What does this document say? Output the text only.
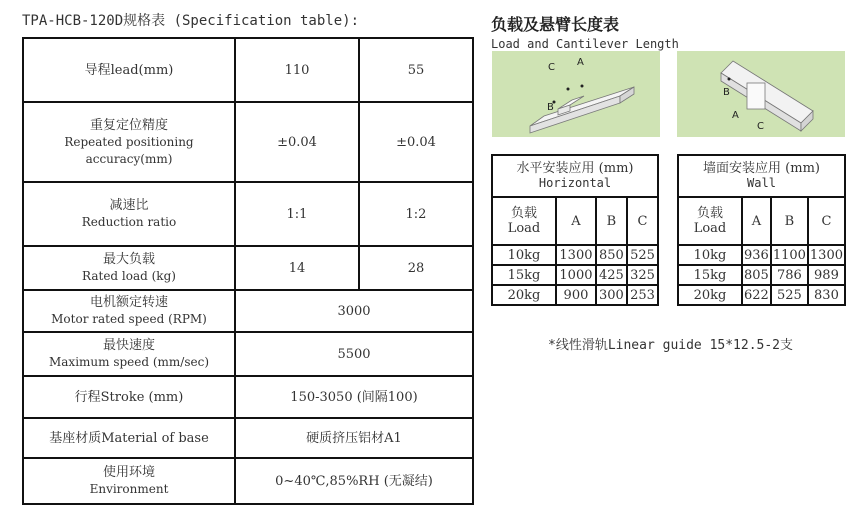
TPA-HCB-120D规格表 (Specification table):
导程lead(mm)	110	55

重复定位精度
Repeated positioning accuracy(mm)	±0.04	±0.04

减速比
Reduction ratio	1:1	1:2

最大负载
Rated load (kg)	14	28

电机额定转速
Motor rated speed (RPM)	3000	

最快速度
Maximum speed (mm/sec)	5500	
行程Stroke (mm)	150-3050 (间隔100)	
基座材质Material of base	硬质挤压铝材A1	

使用环境
Environment	0~40℃,85%RH (无凝结)	
负载及悬臂长度表
Load and Cantilever Length
C A
B
B
A
C
水平安装应用 (mm)
Horizontal			

负载
Load	A	B	C
10kg	1300	850	525
15kg	1000	425	325
20kg	900	300	253
墙面安装应用 (mm)
Wall			

负载
Load	A	B	C
10kg	936	1100	1300
15kg	805	786	989
20kg	622	525	830
*线性滑轨Linear guide 15*12.5-2支
